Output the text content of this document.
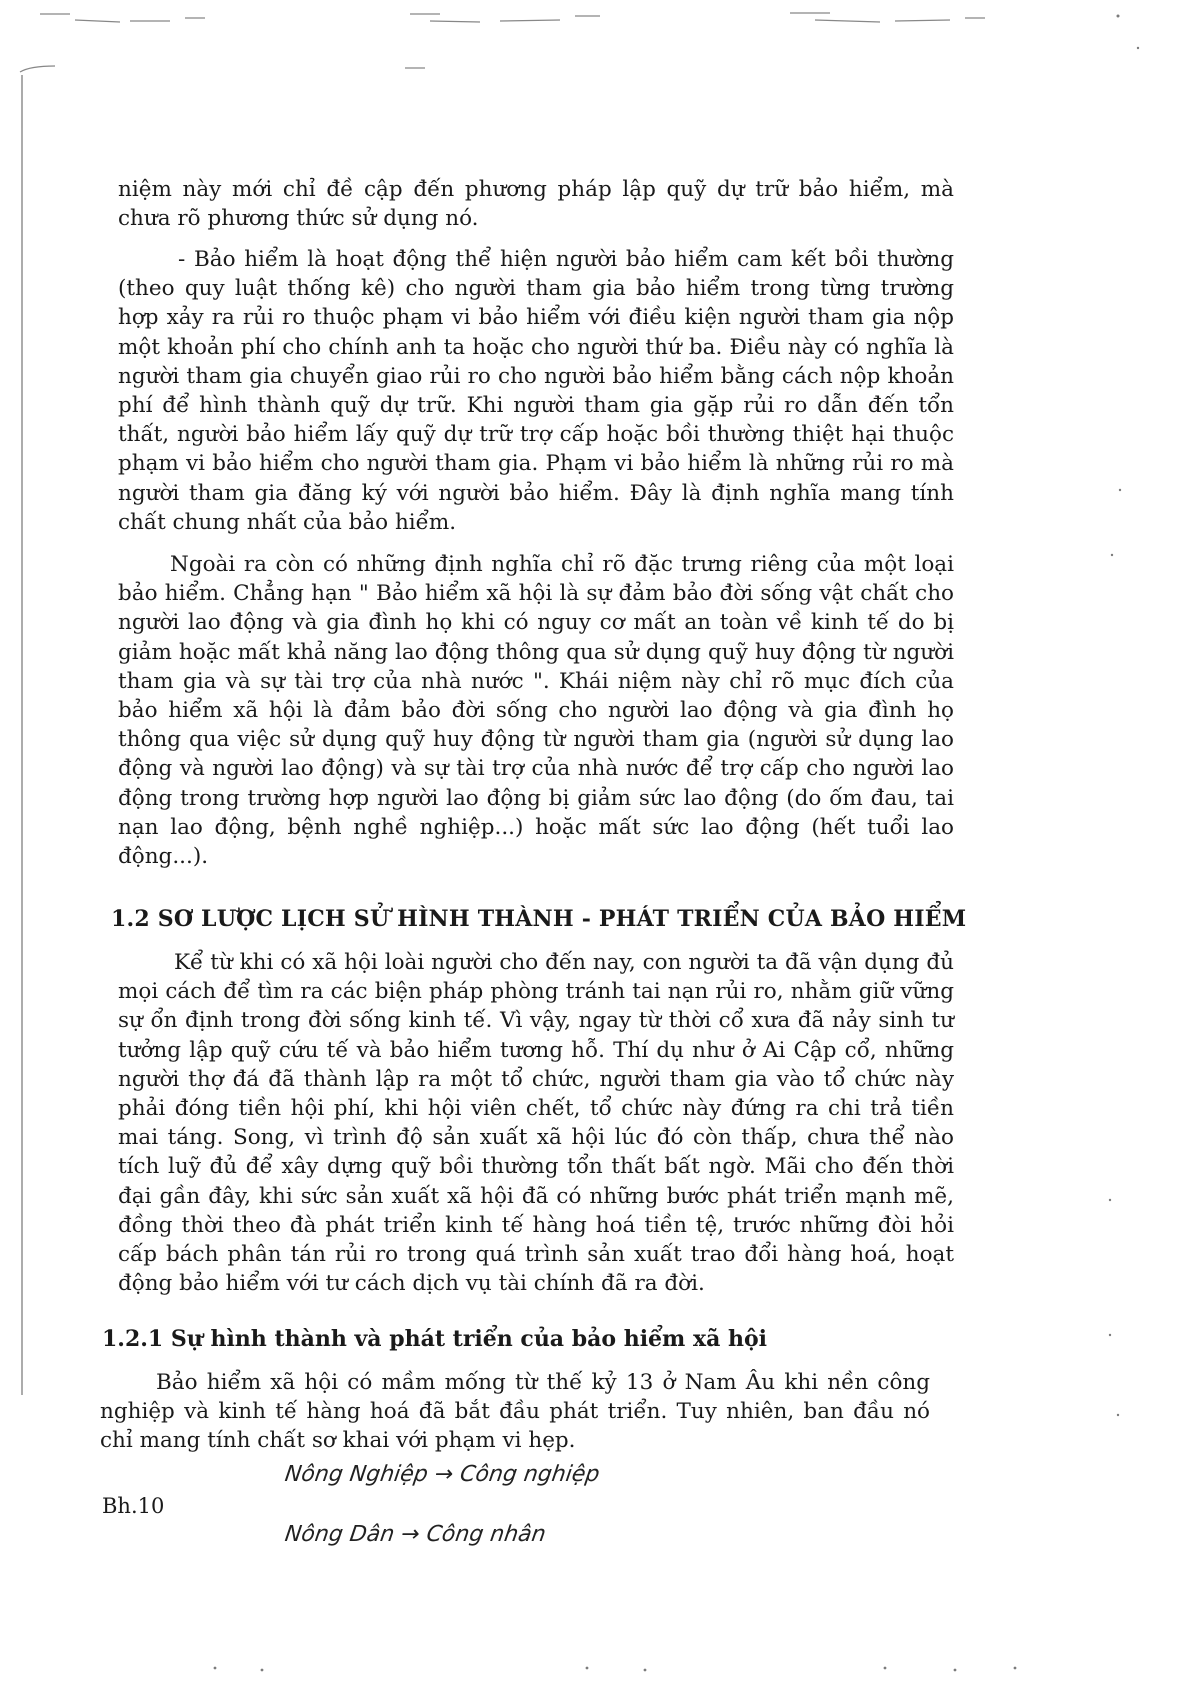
niệm này mới chỉ đề cập đến phương pháp lập quỹ dự trữ bảo hiểm, mà chưa rõ phương thức sử dụng nó.

- Bảo hiểm là hoạt động thể hiện người bảo hiểm cam kết bồi thường (theo quy luật thống kê) cho người tham gia bảo hiểm trong từng trường hợp xảy ra rủi ro thuộc phạm vi bảo hiểm với điều kiện người tham gia nộp một khoản phí cho chính anh ta hoặc cho người thứ ba. Điều này có nghĩa là người tham gia chuyển giao rủi ro cho người bảo hiểm bằng cách nộp khoản phí để hình thành quỹ dự trữ. Khi người tham gia gặp rủi ro dẫn đến tổn thất, người bảo hiểm lấy quỹ dự trữ trợ cấp hoặc bồi thường thiệt hại thuộc phạm vi bảo hiểm cho người tham gia. Phạm vi bảo hiểm là những rủi ro mà người tham gia đăng ký với người bảo hiểm. Đây là định nghĩa mang tính chất chung nhất của bảo hiểm.

Ngoài ra còn có những định nghĩa chỉ rõ đặc trưng riêng của một loại bảo hiểm. Chẳng hạn " Bảo hiểm xã hội là sự đảm bảo đời sống vật chất cho người lao động và gia đình họ khi có nguy cơ mất an toàn về kinh tế do bị giảm hoặc mất khả năng lao động thông qua sử dụng quỹ huy động từ người tham gia và sự tài trợ của nhà nước ". Khái niệm này chỉ rõ mục đích của bảo hiểm xã hội là đảm bảo đời sống cho người lao động và gia đình họ thông qua việc sử dụng quỹ huy động từ người tham gia (người sử dụng lao động và người lao động) và sự tài trợ của nhà nước để trợ cấp cho người lao động trong trường hợp người lao động bị giảm sức lao động (do ốm đau, tai nạn lao động, bệnh nghề nghiệp...) hoặc mất sức lao động (hết tuổi lao động...).

1.2 SƠ LƯỢC LỊCH SỬ HÌNH THÀNH - PHÁT TRIỂN CỦA BẢO HIỂM

Kể từ khi có xã hội loài người cho đến nay, con người ta đã vận dụng đủ mọi cách để tìm ra các biện pháp phòng tránh tai nạn rủi ro, nhằm giữ vững sự ổn định trong đời sống kinh tế. Vì vậy, ngay từ thời cổ xưa đã nảy sinh tư tưởng lập quỹ cứu tế và bảo hiểm tương hỗ. Thí dụ như ở Ai Cập cổ, những người thợ đá đã thành lập ra một tổ chức, người tham gia vào tổ chức này phải đóng tiền hội phí, khi hội viên chết, tổ chức này đứng ra chi trả tiền mai táng. Song, vì trình độ sản xuất xã hội lúc đó còn thấp, chưa thể nào tích luỹ đủ để xây dựng quỹ bồi thường tổn thất bất ngờ. Mãi cho đến thời đại gần đây, khi sức sản xuất xã hội đã có những bước phát triển mạnh mẽ, đồng thời theo đà phát triển kinh tế hàng hoá tiền tệ, trước những đòi hỏi cấp bách phân tán rủi ro trong quá trình sản xuất trao đổi hàng hoá, hoạt động bảo hiểm với tư cách dịch vụ tài chính đã ra đời.

1.2.1 Sự hình thành và phát triển của bảo hiểm xã hội

Bảo hiểm xã hội có mầm mống từ thế kỷ 13 ở Nam Âu khi nền công nghiệp và kinh tế hàng hoá đã bắt đầu phát triển. Tuy nhiên, ban đầu nó chỉ mang tính chất sơ khai với phạm vi hẹp.

Bh.10
Nông Nghiệp → Công nghiệp
Nông Dân → Công nhân
